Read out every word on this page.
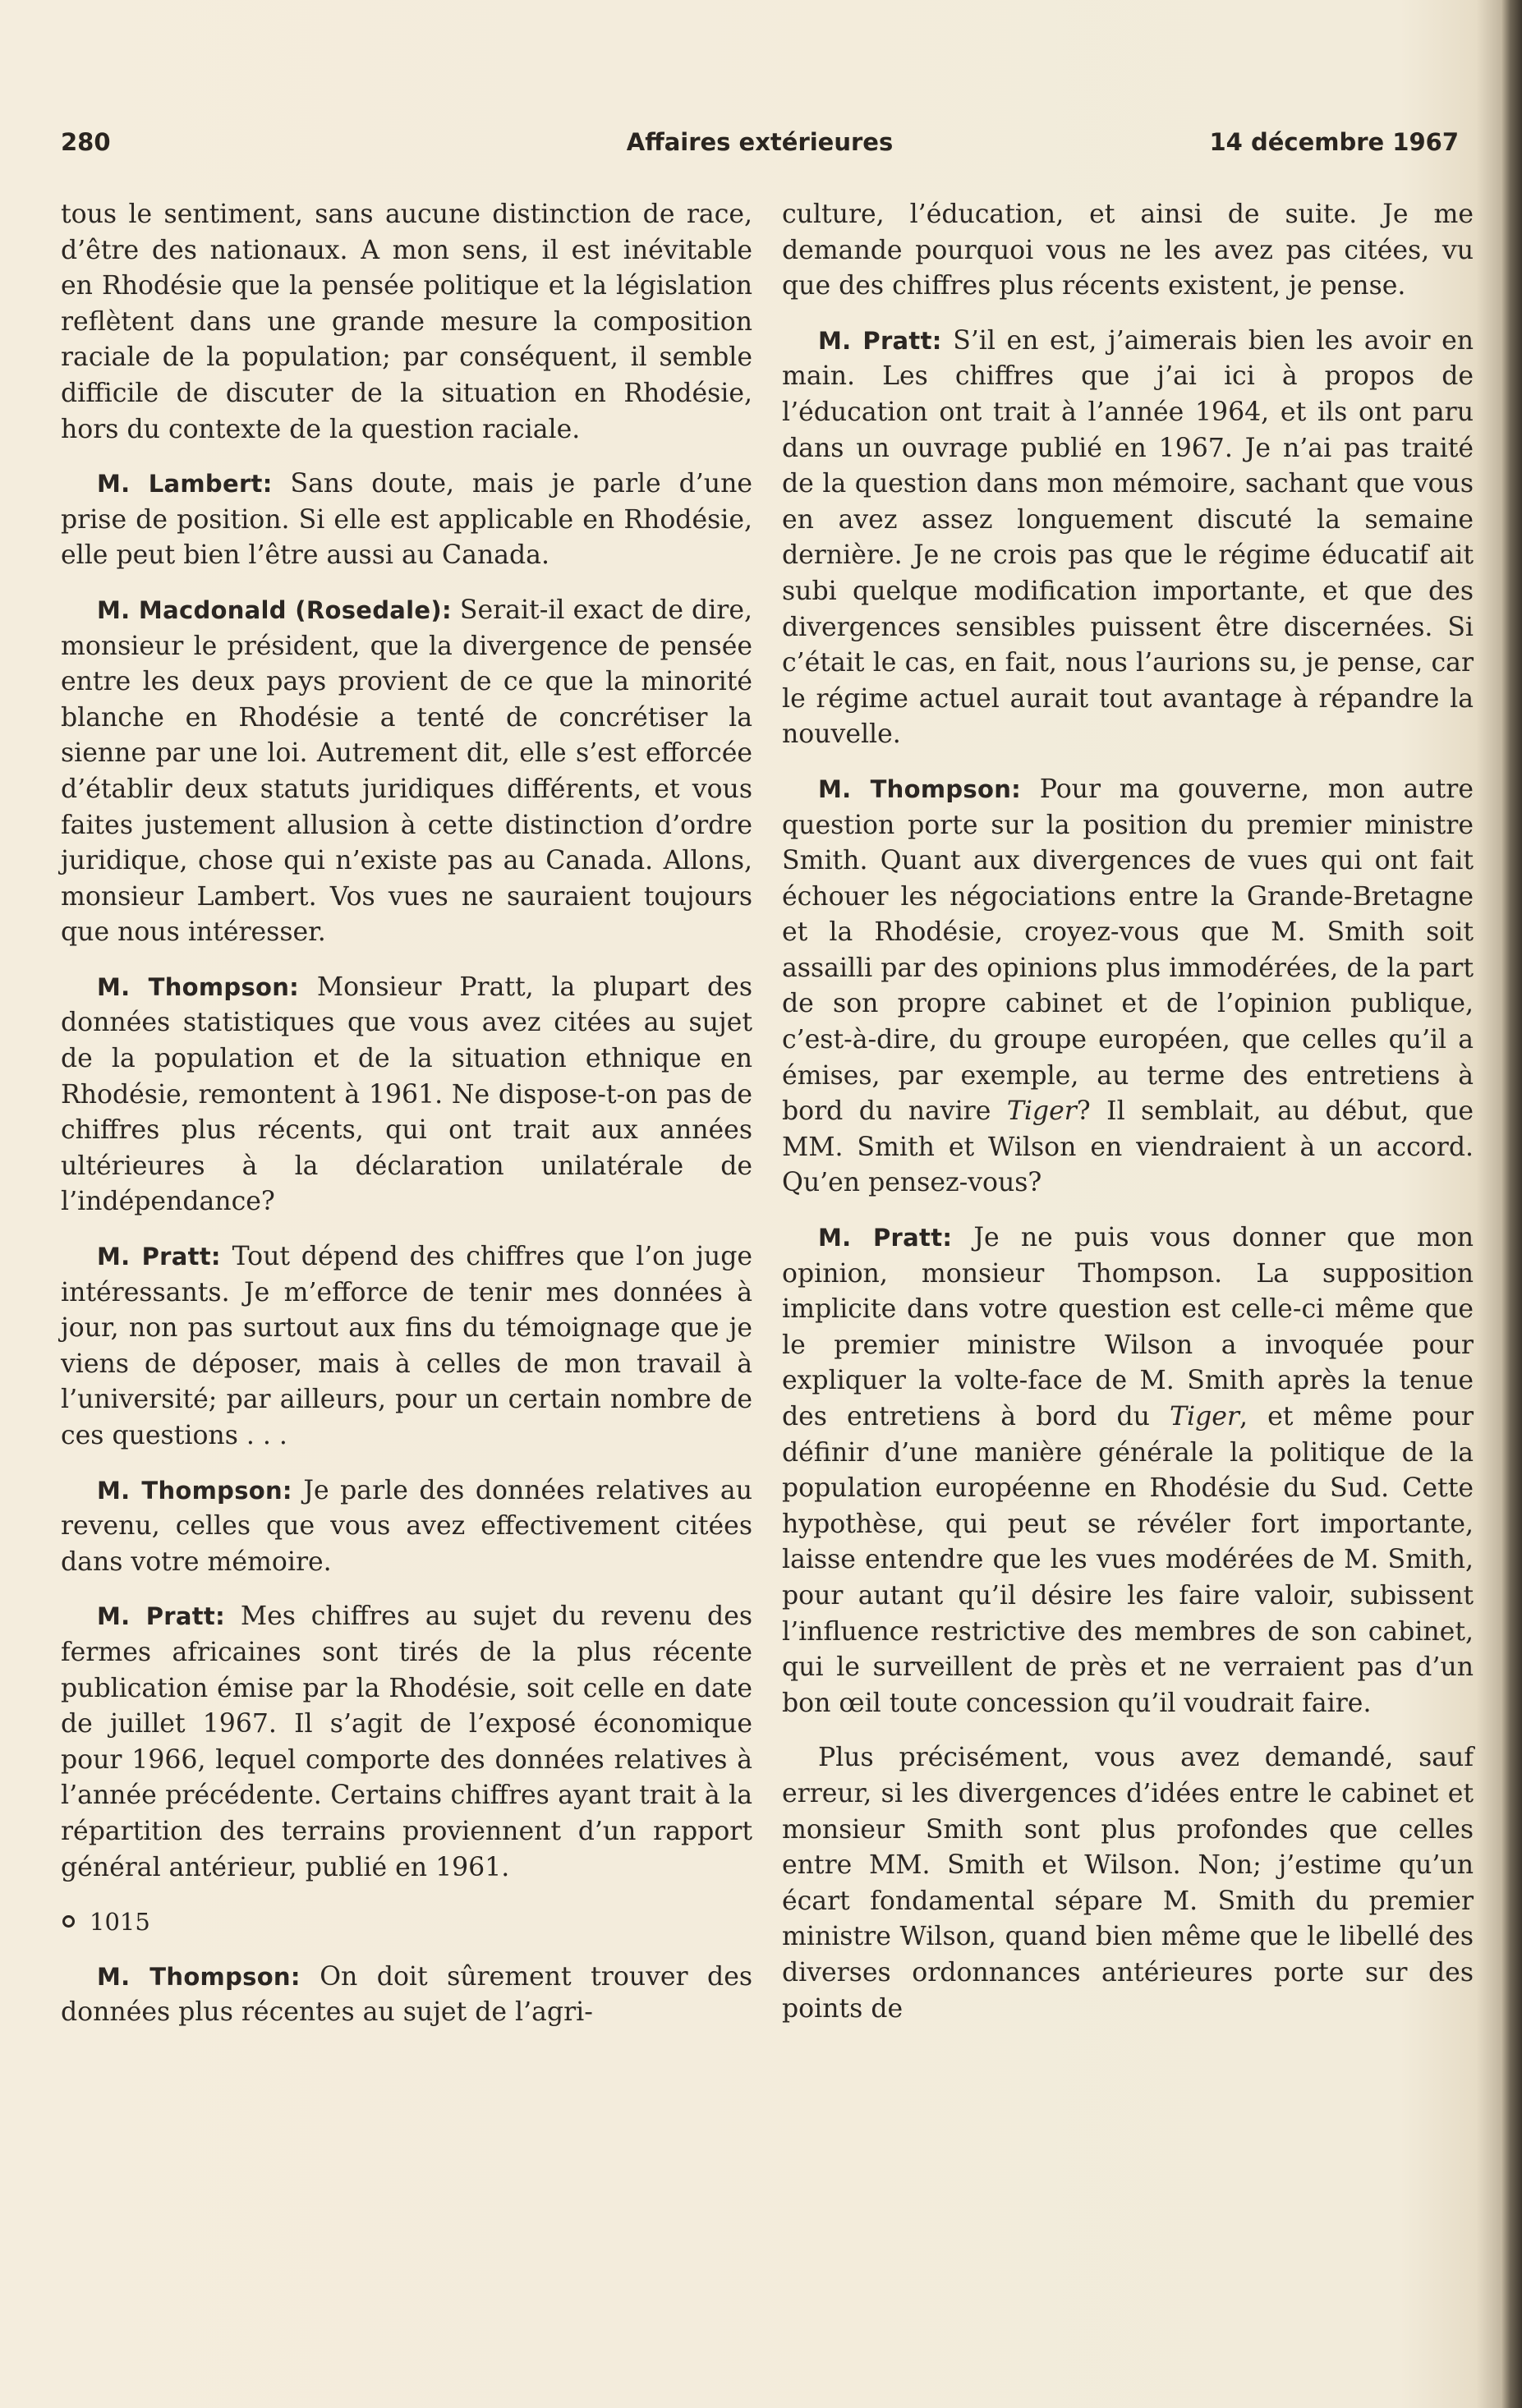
280	Affaires extérieures	14 décembre 1967

tous le sentiment, sans aucune distinction de race, d’être des nationaux. A mon sens, il est inévitable en Rhodésie que la pensée politique et la législation reflètent dans une grande mesure la composition raciale de la population; par conséquent, il semble difficile de discuter de la situation en Rhodésie, hors du contexte de la question raciale.

M. Lambert: Sans doute, mais je parle d’une prise de position. Si elle est applicable en Rhodésie, elle peut bien l’être aussi au Canada.

M. Macdonald (Rosedale): Serait-il exact de dire, monsieur le président, que la divergence de pensée entre les deux pays provient de ce que la minorité blanche en Rhodésie a tenté de concrétiser la sienne par une loi. Autrement dit, elle s’est efforcée d’établir deux statuts juridiques différents, et vous faites justement allusion à cette distinction d’ordre juridique, chose qui n’existe pas au Canada. Allons, monsieur Lambert. Vos vues ne sauraient toujours que nous intéresser.

M. Thompson: Monsieur Pratt, la plupart des données statistiques que vous avez citées au sujet de la population et de la situation ethnique en Rhodésie, remontent à 1961. Ne dispose-t-on pas de chiffres plus récents, qui ont trait aux années ultérieures à la déclaration unilatérale de l’indépendance?

M. Pratt: Tout dépend des chiffres que l’on juge intéressants. Je m’efforce de tenir mes données à jour, non pas surtout aux fins du témoignage que je viens de déposer, mais à celles de mon travail à l’université; par ailleurs, pour un certain nombre de ces questions . . .

M. Thompson: Je parle des données relatives au revenu, celles que vous avez effectivement citées dans votre mémoire.

M. Pratt: Mes chiffres au sujet du revenu des fermes africaines sont tirés de la plus récente publication émise par la Rhodésie, soit celle en date de juillet 1967. Il s’agit de l’exposé économique pour 1966, lequel comporte des données relatives à l’année précédente. Certains chiffres ayant trait à la répartition des terrains proviennent d’un rapport général antérieur, publié en 1961.

1015

M. Thompson: On doit sûrement trouver des données plus récentes au sujet de l’agri-

culture, l’éducation, et ainsi de suite. Je me demande pourquoi vous ne les avez pas citées, vu que des chiffres plus récents existent, je pense.

M. Pratt: S’il en est, j’aimerais bien les avoir en main. Les chiffres que j’ai ici à propos de l’éducation ont trait à l’année 1964, et ils ont paru dans un ouvrage publié en 1967. Je n’ai pas traité de la question dans mon mémoire, sachant que vous en avez assez longuement discuté la semaine dernière. Je ne crois pas que le régime éducatif ait subi quelque modification importante, et que des divergences sensibles puissent être discernées. Si c’était le cas, en fait, nous l’aurions su, je pense, car le régime actuel aurait tout avantage à répandre la nouvelle.

M. Thompson: Pour ma gouverne, mon autre question porte sur la position du premier ministre Smith. Quant aux divergences de vues qui ont fait échouer les négociations entre la Grande-Bretagne et la Rhodésie, croyez-vous que M. Smith soit assailli par des opinions plus immodérées, de la part de son propre cabinet et de l’opinion publique, c’est-à-dire, du groupe européen, que celles qu’il a émises, par exemple, au terme des entretiens à bord du navire Tiger? Il semblait, au début, que MM. Smith et Wilson en viendraient à un accord. Qu’en pensez-vous?

M. Pratt: Je ne puis vous donner que mon opinion, monsieur Thompson. La supposition implicite dans votre question est celle-ci même que le premier ministre Wilson a invoquée pour expliquer la volte-face de M. Smith après la tenue des entretiens à bord du Tiger, et même pour définir d’une manière générale la politique de la population européenne en Rhodésie du Sud. Cette hypothèse, qui peut se révéler fort importante, laisse entendre que les vues modérées de M. Smith, pour autant qu’il désire les faire valoir, subissent l’influence restrictive des membres de son cabinet, qui le surveillent de près et ne verraient pas d’un bon œil toute concession qu’il voudrait faire.

Plus précisément, vous avez demandé, sauf erreur, si les divergences d’idées entre le cabinet et monsieur Smith sont plus profondes que celles entre MM. Smith et Wilson. Non; j’estime qu’un écart fondamental sépare M. Smith du premier ministre Wilson, quand bien même que le libellé des diverses ordonnances antérieures porte sur des points de
